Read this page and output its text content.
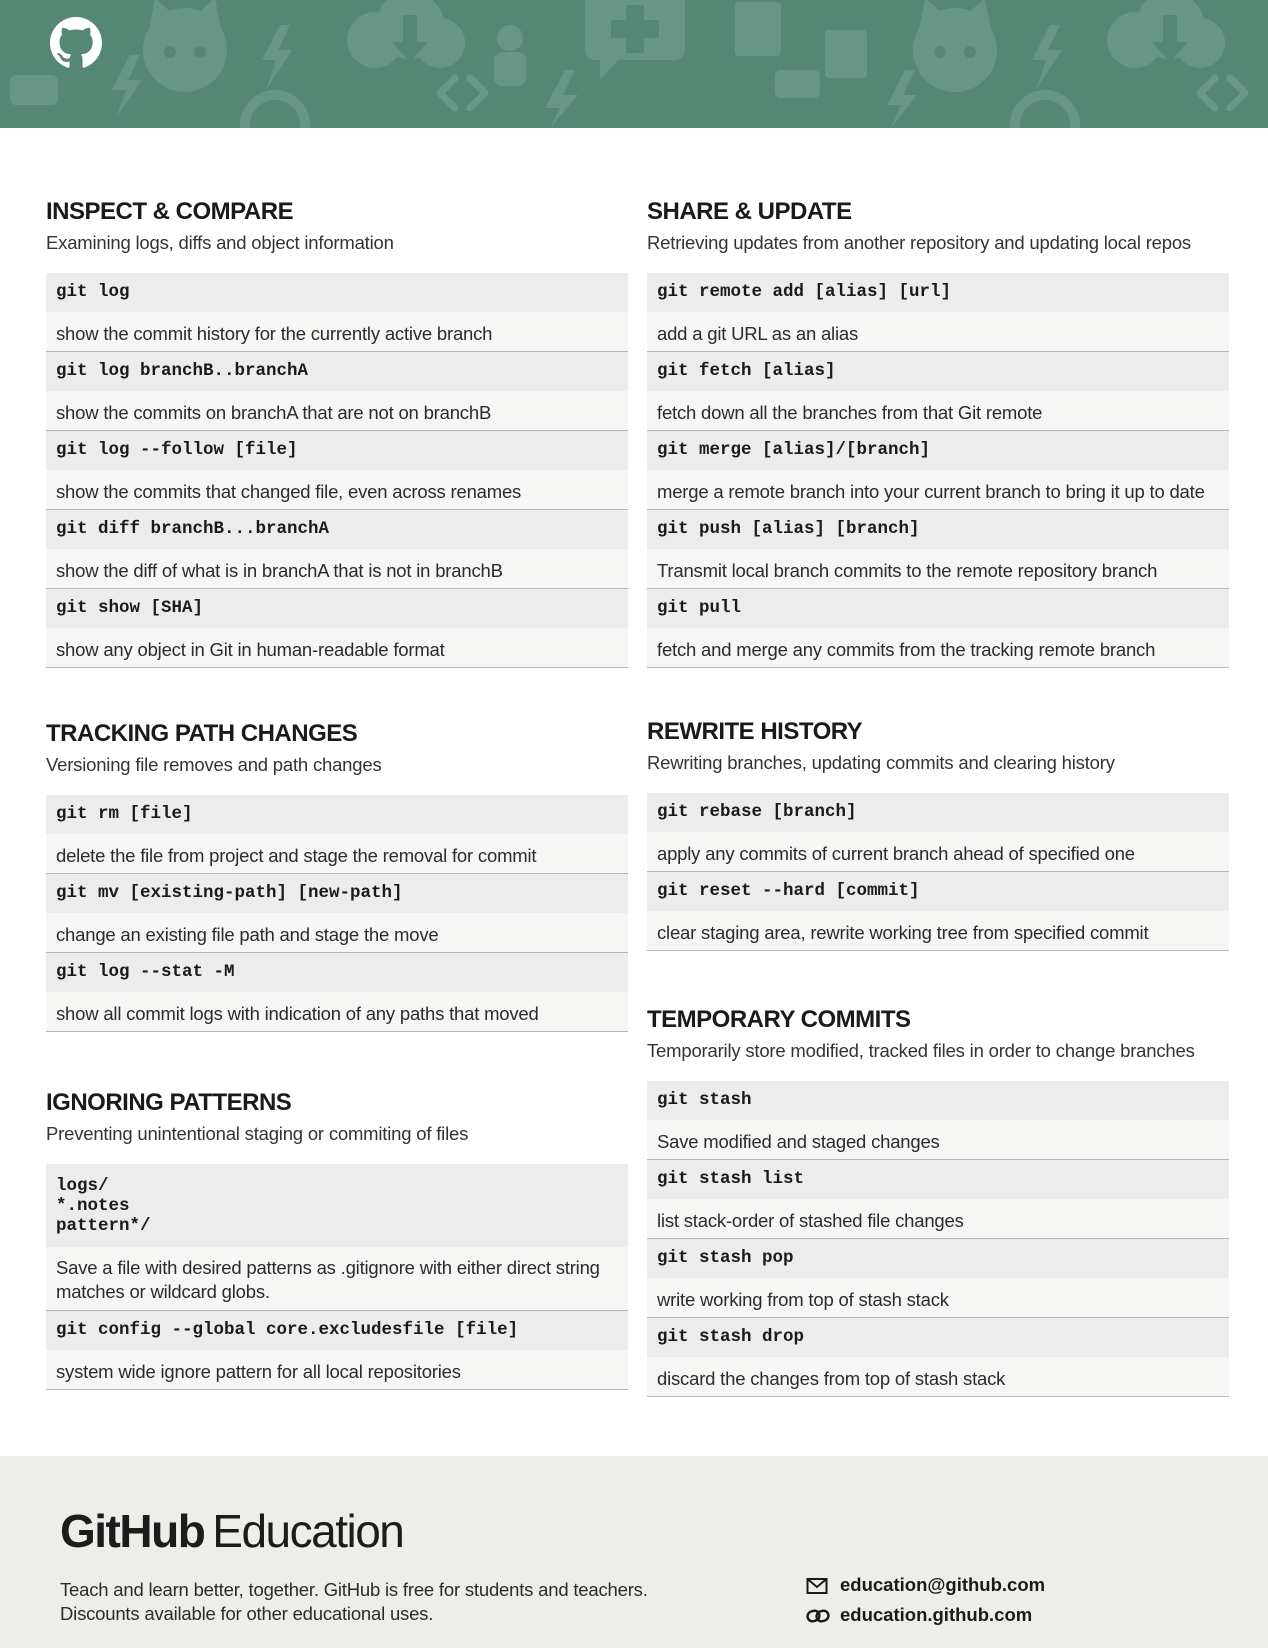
INSPECT & COMPARE
Examining logs, diffs and object information
git log
show the commit history for the currently active branch
git log branchB..branchA
show the commits on branchA that are not on branchB
git log --follow [file]
show the commits that changed file, even across renames
git diff branchB...branchA
show the diff of what is in branchA that is not in branchB
git show [SHA]
show any object in Git in human-readable format
SHARE & UPDATE
Retrieving updates from another repository and updating local repos
git remote add [alias] [url]
add a git URL as an alias
git fetch [alias]
fetch down all the branches from that Git remote
git merge [alias]/[branch]
merge a remote branch into your current branch to bring it up to date
git push [alias] [branch]
Transmit local branch commits to the remote repository branch
git pull
fetch and merge any commits from the tracking remote branch
TRACKING PATH CHANGES
Versioning file removes and path changes
git rm [file]
delete the file from project and stage the removal for commit
git mv [existing-path] [new-path]
change an existing file path and stage the move
git log --stat -M
show all commit logs with indication of any paths that moved
REWRITE HISTORY
Rewriting branches, updating commits and clearing history
git rebase [branch]
apply any commits of current branch ahead of specified one
git reset --hard [commit]
clear staging area, rewrite working tree from specified commit
TEMPORARY COMMITS
Temporarily store modified, tracked files in order to change branches
git stash
Save modified and staged changes
git stash list
list stack-order of stashed file changes
git stash pop
write working from top of stash stack
git stash drop
discard the changes from top of stash stack
IGNORING PATTERNS
Preventing unintentional staging or commiting of files
logs/
*.notes
pattern*/
Save a file with desired patterns as .gitignore with either direct string matches or wildcard globs.
git config --global core.excludesfile [file]
system wide ignore pattern for all local repositories
GitHub Education
Teach and learn better, together. GitHub is free for students and teachers. Discounts available for other educational uses.
education@github.com
education.github.com
